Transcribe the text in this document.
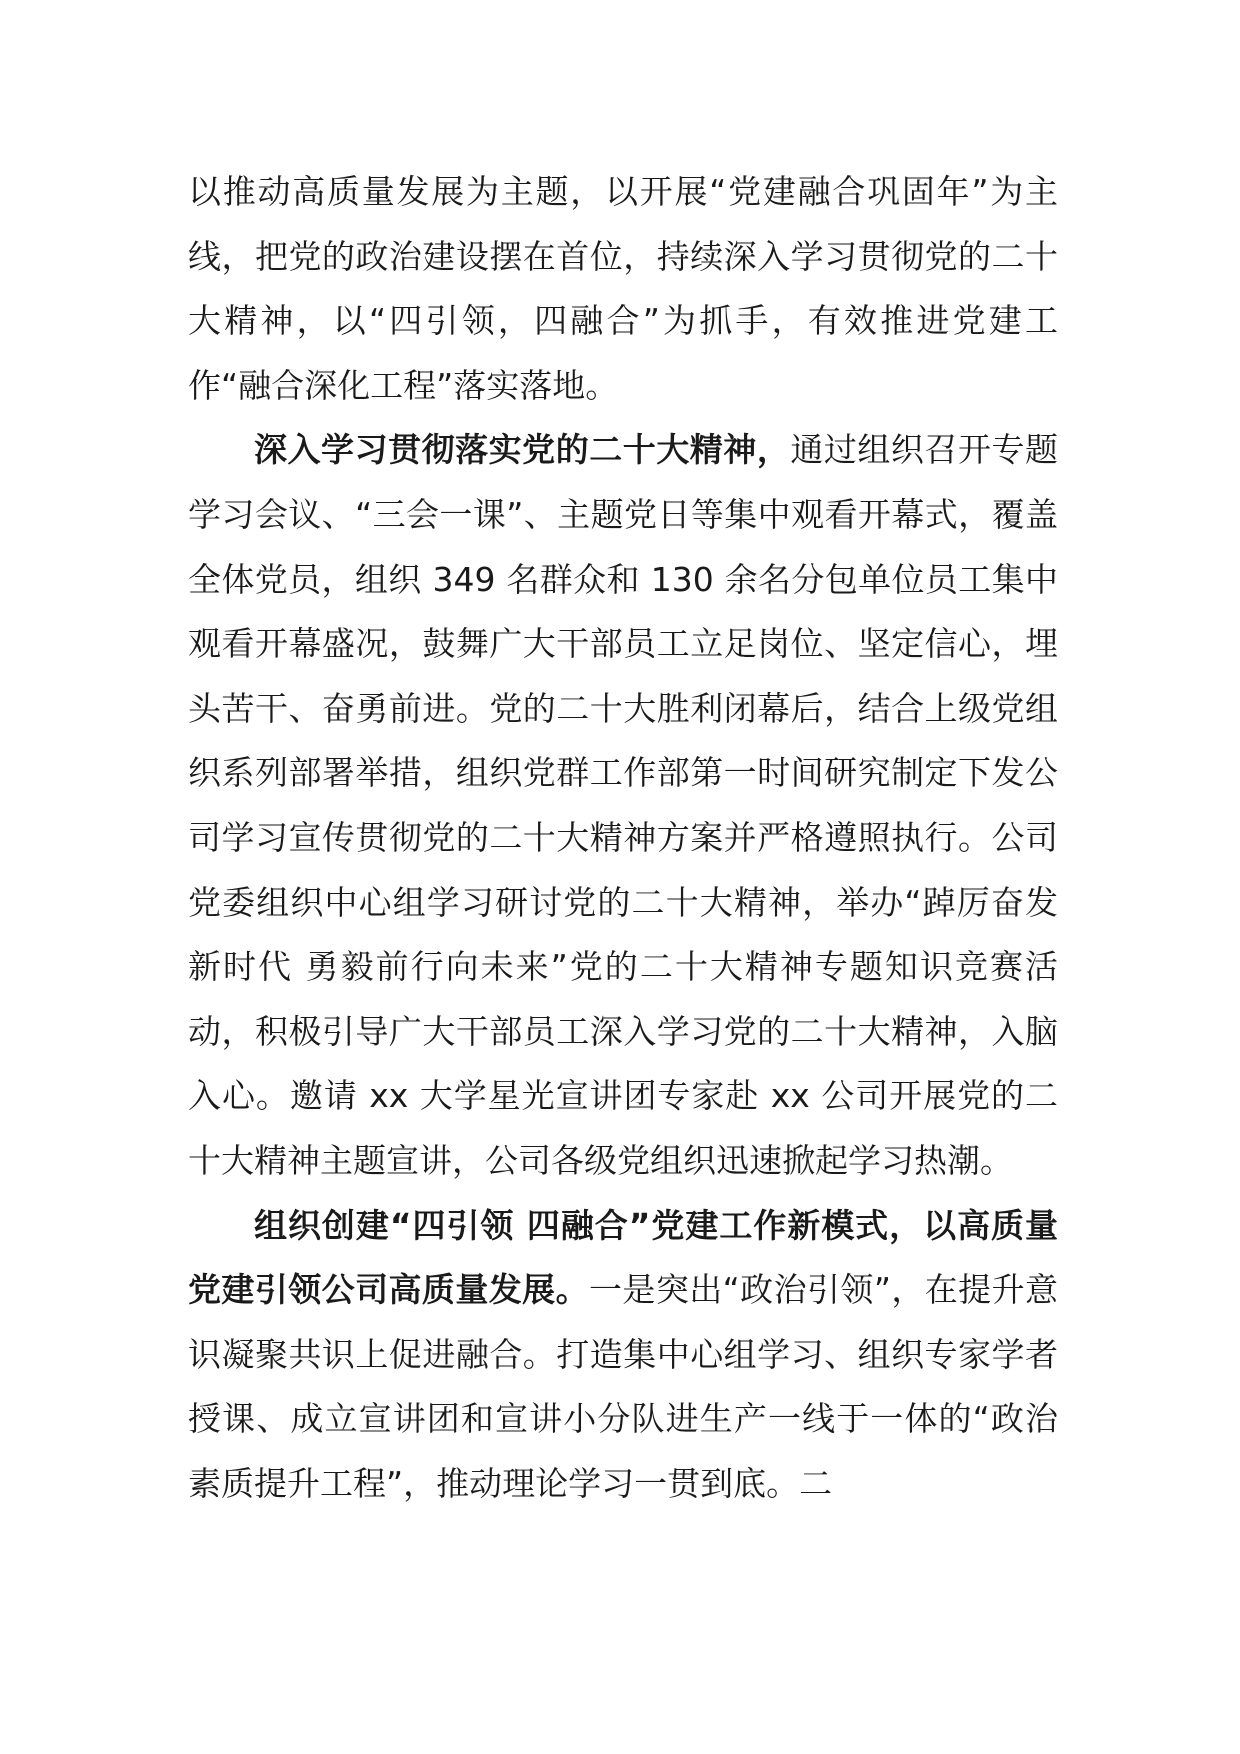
以推动高质量发展为主题，以开展“党建融合巩固年”为主线，把党的政治建设摆在首位，持续深入学习贯彻党的二十大精神，以“四引领，四融合”为抓手，有效推进党建工作“融合深化工程”落实落地。

深入学习贯彻落实党的二十大精神，通过组织召开专题学习会议、“三会一课”、主题党日等集中观看开幕式，覆盖全体党员，组织 349 名群众和 130 余名分包单位员工集中观看开幕盛况，鼓舞广大干部员工立足岗位、坚定信心，埋头苦干、奋勇前进。党的二十大胜利闭幕后，结合上级党组织系列部署举措，组织党群工作部第一时间研究制定下发公司学习宣传贯彻党的二十大精神方案并严格遵照执行。公司党委组织中心组学习研讨党的二十大精神，举办“踔厉奋发新时代 勇毅前行向未来”党的二十大精神专题知识竞赛活动，积极引导广大干部员工深入学习党的二十大精神，入脑入心。邀请 xx 大学星光宣讲团专家赴 xx 公司开展党的二十大精神主题宣讲，公司各级党组织迅速掀起学习热潮。

组织创建“四引领 四融合”党建工作新模式，以高质量党建引领公司高质量发展。一是突出“政治引领”，在提升意识凝聚共识上促进融合。打造集中心组学习、组织专家学者授课、成立宣讲团和宣讲小分队进生产一线于一体的“政治素质提升工程”，推动理论学习一贯到底。二
